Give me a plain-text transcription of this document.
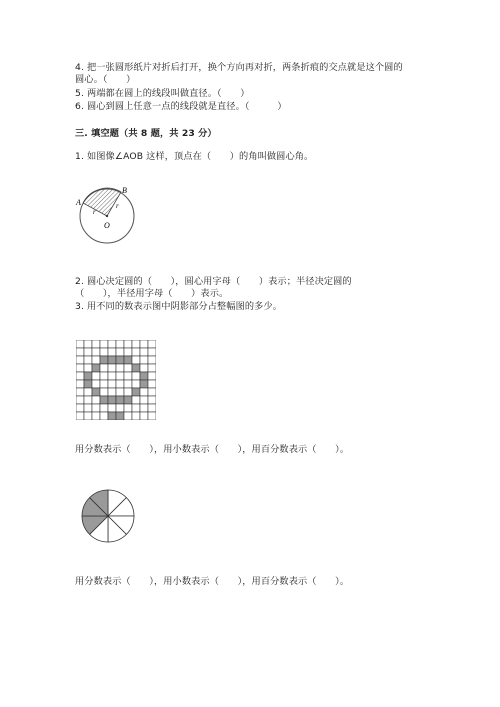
4. 把一张圆形纸片对折后打开，换个方向再对折，两条折痕的交点就是这个圆的
圆心。（　　）
5. 两端都在圆上的线段叫做直径。（　　）
6. 圆心到圆上任意一点的线段就是直径。（　　　）
三. 填空题（共 8 题，共 23 分）
1. 如图像∠AOB 这样，顶点在（　　）的角叫做圆心角。
A
B
O
r
r
2. 圆心决定圆的（　　），圆心用字母（　　）表示；半径决定圆的
（　　），半径用字母（　　）表示。
3. 用不同的数表示图中阴影部分占整幅图的多少。
用分数表示（　　），用小数表示（　　），用百分数表示（　　）。
用分数表示（　　），用小数表示（　　），用百分数表示（　　）。
